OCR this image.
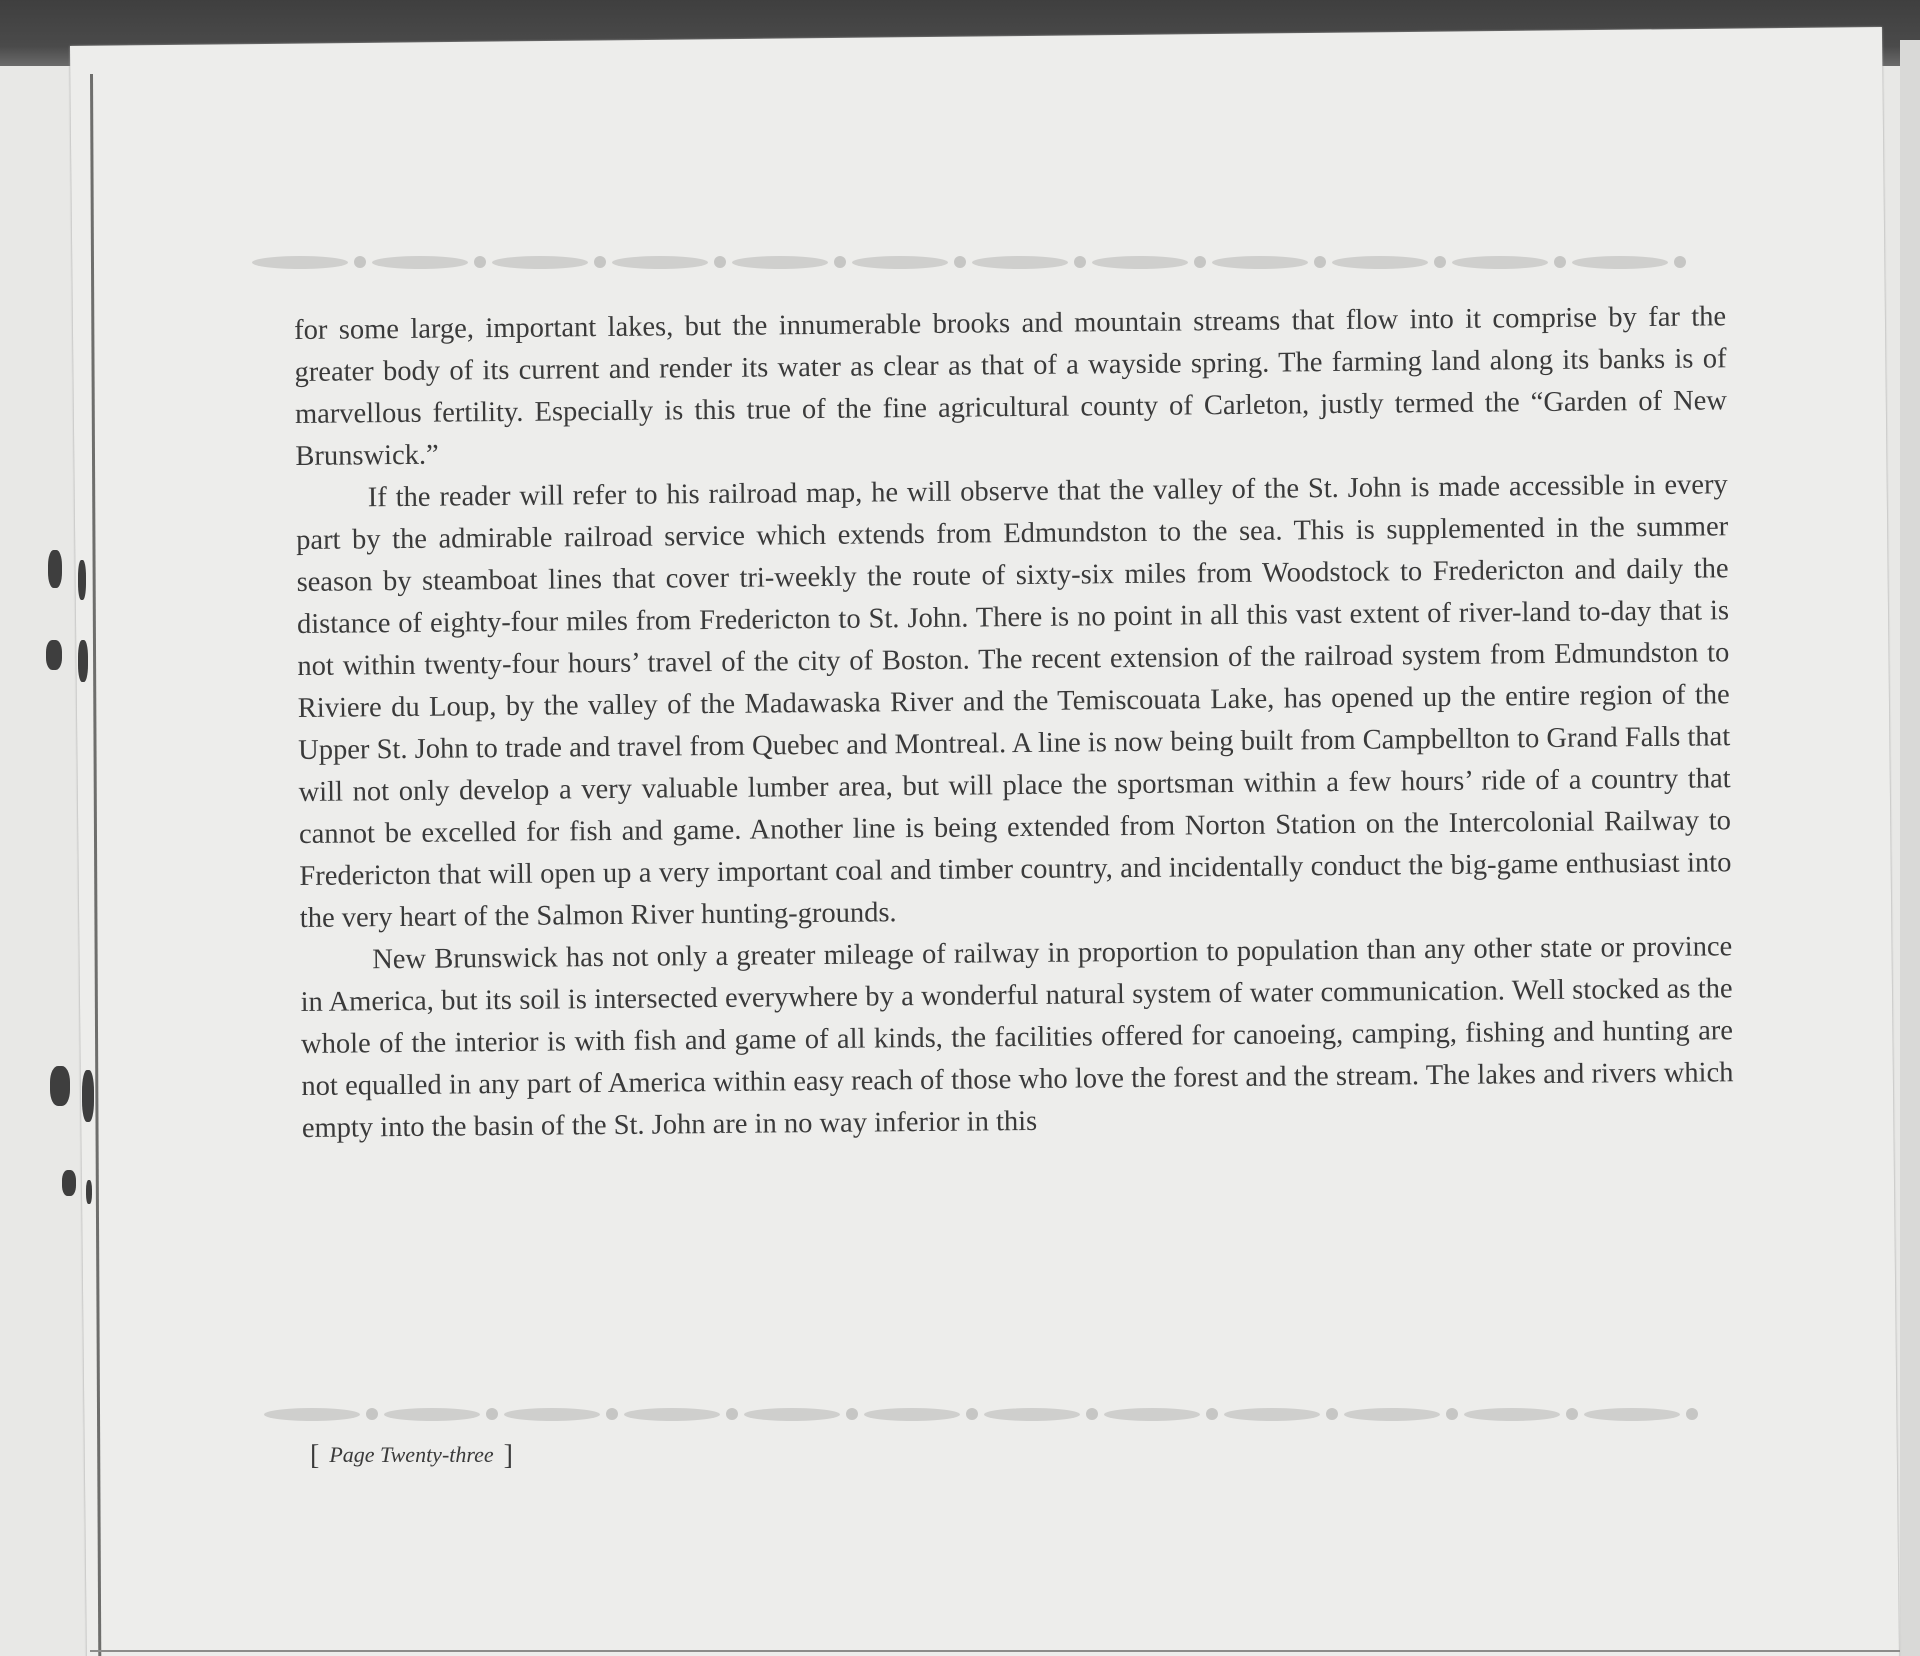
for some large, important lakes, but the innumerable brooks and mountain streams that flow into it comprise by far the greater body of its current and render its water as clear as that of a wayside spring. The farming land along its banks is of marvellous fertility. Especially is this true of the fine agricultural county of Carleton, justly termed the “Garden of New Brunswick.”

If the reader will refer to his railroad map, he will observe that the valley of the St. John is made accessible in every part by the admirable railroad service which extends from Edmundston to the sea. This is supplemented in the summer season by steamboat lines that cover tri-weekly the route of sixty-six miles from Woodstock to Fredericton and daily the distance of eighty-four miles from Fredericton to St. John. There is no point in all this vast extent of river-land to-day that is not within twenty-four hours’ travel of the city of Boston. The recent extension of the railroad system from Edmundston to Riviere du Loup, by the valley of the Madawaska River and the Temiscouata Lake, has opened up the entire region of the Upper St. John to trade and travel from Quebec and Montreal. A line is now being built from Campbellton to Grand Falls that will not only develop a very valuable lumber area, but will place the sportsman within a few hours’ ride of a country that cannot be excelled for fish and game. Another line is being extended from Norton Station on the Intercolonial Railway to Fredericton that will open up a very important coal and timber country, and incidentally conduct the big-game enthusiast into the very heart of the Salmon River hunting-grounds.

New Brunswick has not only a greater mileage of railway in proportion to population than any other state or province in America, but its soil is intersected everywhere by a wonderful natural system of water communication. Well stocked as the whole of the interior is with fish and game of all kinds, the facilities offered for canoeing, camping, fishing and hunting are not equalled in any part of America within easy reach of those who love the forest and the stream. The lakes and rivers which empty into the basin of the St. John are in no way inferior in this

[ Page Twenty-three ]
